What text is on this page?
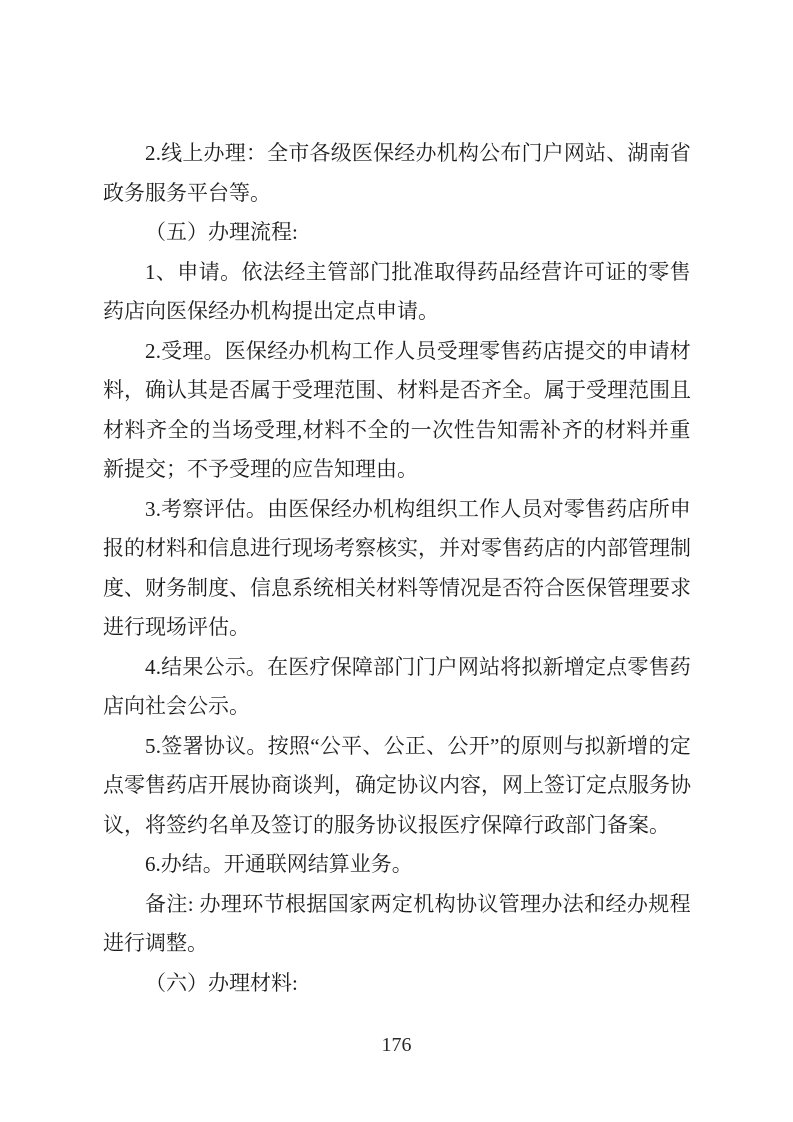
2.线上办理：全市各级医保经办机构公布门户网站、湖南省
政务服务平台等。
（五）办理流程:
1、申请。依法经主管部门批准取得药品经营许可证的零售
药店向医保经办机构提出定点申请。
2.受理。医保经办机构工作人员受理零售药店提交的申请材
料，确认其是否属于受理范围、材料是否齐全。属于受理范围且
材料齐全的当场受理,材料不全的一次性告知需补齐的材料并重
新提交；不予受理的应告知理由。
3.考察评估。由医保经办机构组织工作人员对零售药店所申
报的材料和信息进行现场考察核实，并对零售药店的内部管理制
度、财务制度、信息系统相关材料等情况是否符合医保管理要求
进行现场评估。
4.结果公示。在医疗保障部门门户网站将拟新增定点零售药
店向社会公示。
5.签署协议。按照“公平、公正、公开”的原则与拟新增的定
点零售药店开展协商谈判，确定协议内容，网上签订定点服务协
议，将签约名单及签订的服务协议报医疗保障行政部门备案。
6.办结。开通联网结算业务。
备注: 办理环节根据国家两定机构协议管理办法和经办规程
进行调整。
（六）办理材料:
176
